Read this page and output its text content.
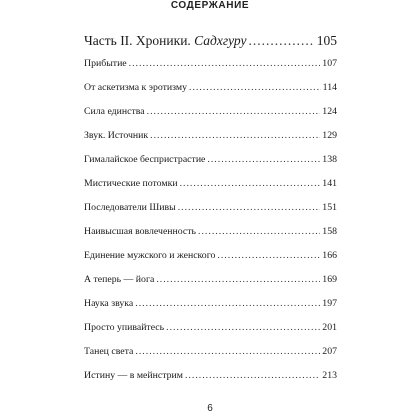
СОДЕРЖАНИЕ
Часть II. Хроники. Садхгуру .....	105
Прибытие .....	107
От аскетизма к эротизму .....	114
Сила единства .....	124
Звук. Источник .....	129
Гималайское беспристрастие .....	138
Мистические потомки .....	141
Последователи Шивы .....	151
Наивысшая вовлеченность .....	158
Единение мужского и женского .....	166
А теперь — йога .....	169
Наука звука .....	197
Просто упивайтесь .....	201
Танец света .....	207
Истину — в мейнстрим .....	213
6
